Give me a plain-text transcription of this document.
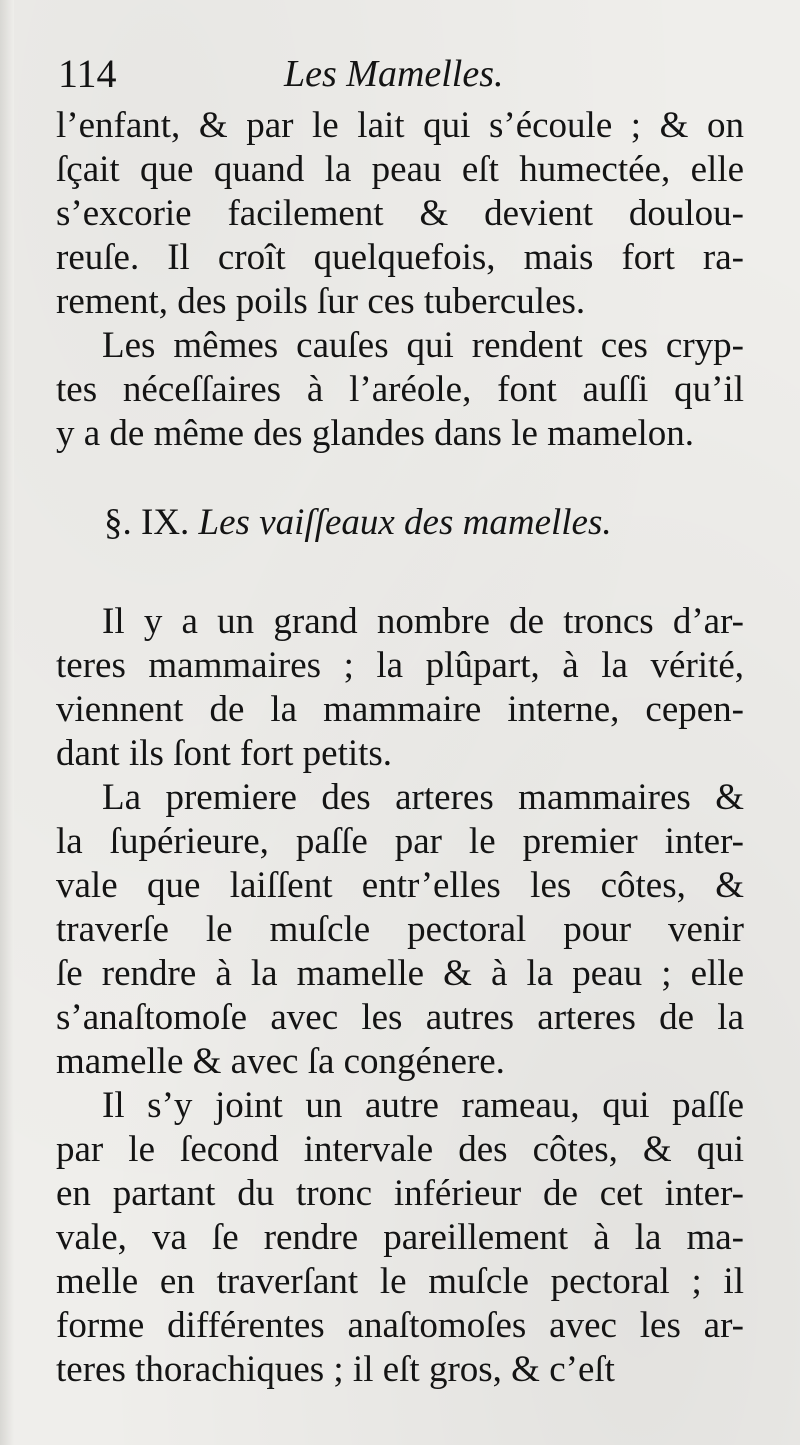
114	Les Mamelles.
l’enfant, & par le lait qui s’écoule ; & on
ſçait que quand la peau eſt humectée, elle
s’excorie facilement & devient doulou-
reuſe. Il croît quelquefois, mais fort ra-
rement, des poils ſur ces tubercules.
Les mêmes cauſes qui rendent ces cryp-
tes néceſſaires à l’aréole, font auſſi qu’il
y a de même des glandes dans le mamelon.
§. IX. Les vaiſſeaux des mamelles.
Il y a un grand nombre de troncs d’ar-
teres mammaires ; la plûpart, à la vérité,
viennent de la mammaire interne, cepen-
dant ils ſont fort petits.
La premiere des arteres mammaires &
la ſupérieure, paſſe par le premier inter-
vale que laiſſent entr’elles les côtes, &
traverſe le muſcle pectoral pour venir
ſe rendre à la mamelle & à la peau ; elle
s’anaſtomoſe avec les autres arteres de la
mamelle & avec ſa congénere.
Il s’y joint un autre rameau, qui paſſe
par le ſecond intervale des côtes, & qui
en partant du tronc inférieur de cet inter-
vale, va ſe rendre pareillement à la ma-
melle en traverſant le muſcle pectoral ; il
forme différentes anaſtomoſes avec les ar-
teres thorachiques ; il eſt gros, & c’eſt
